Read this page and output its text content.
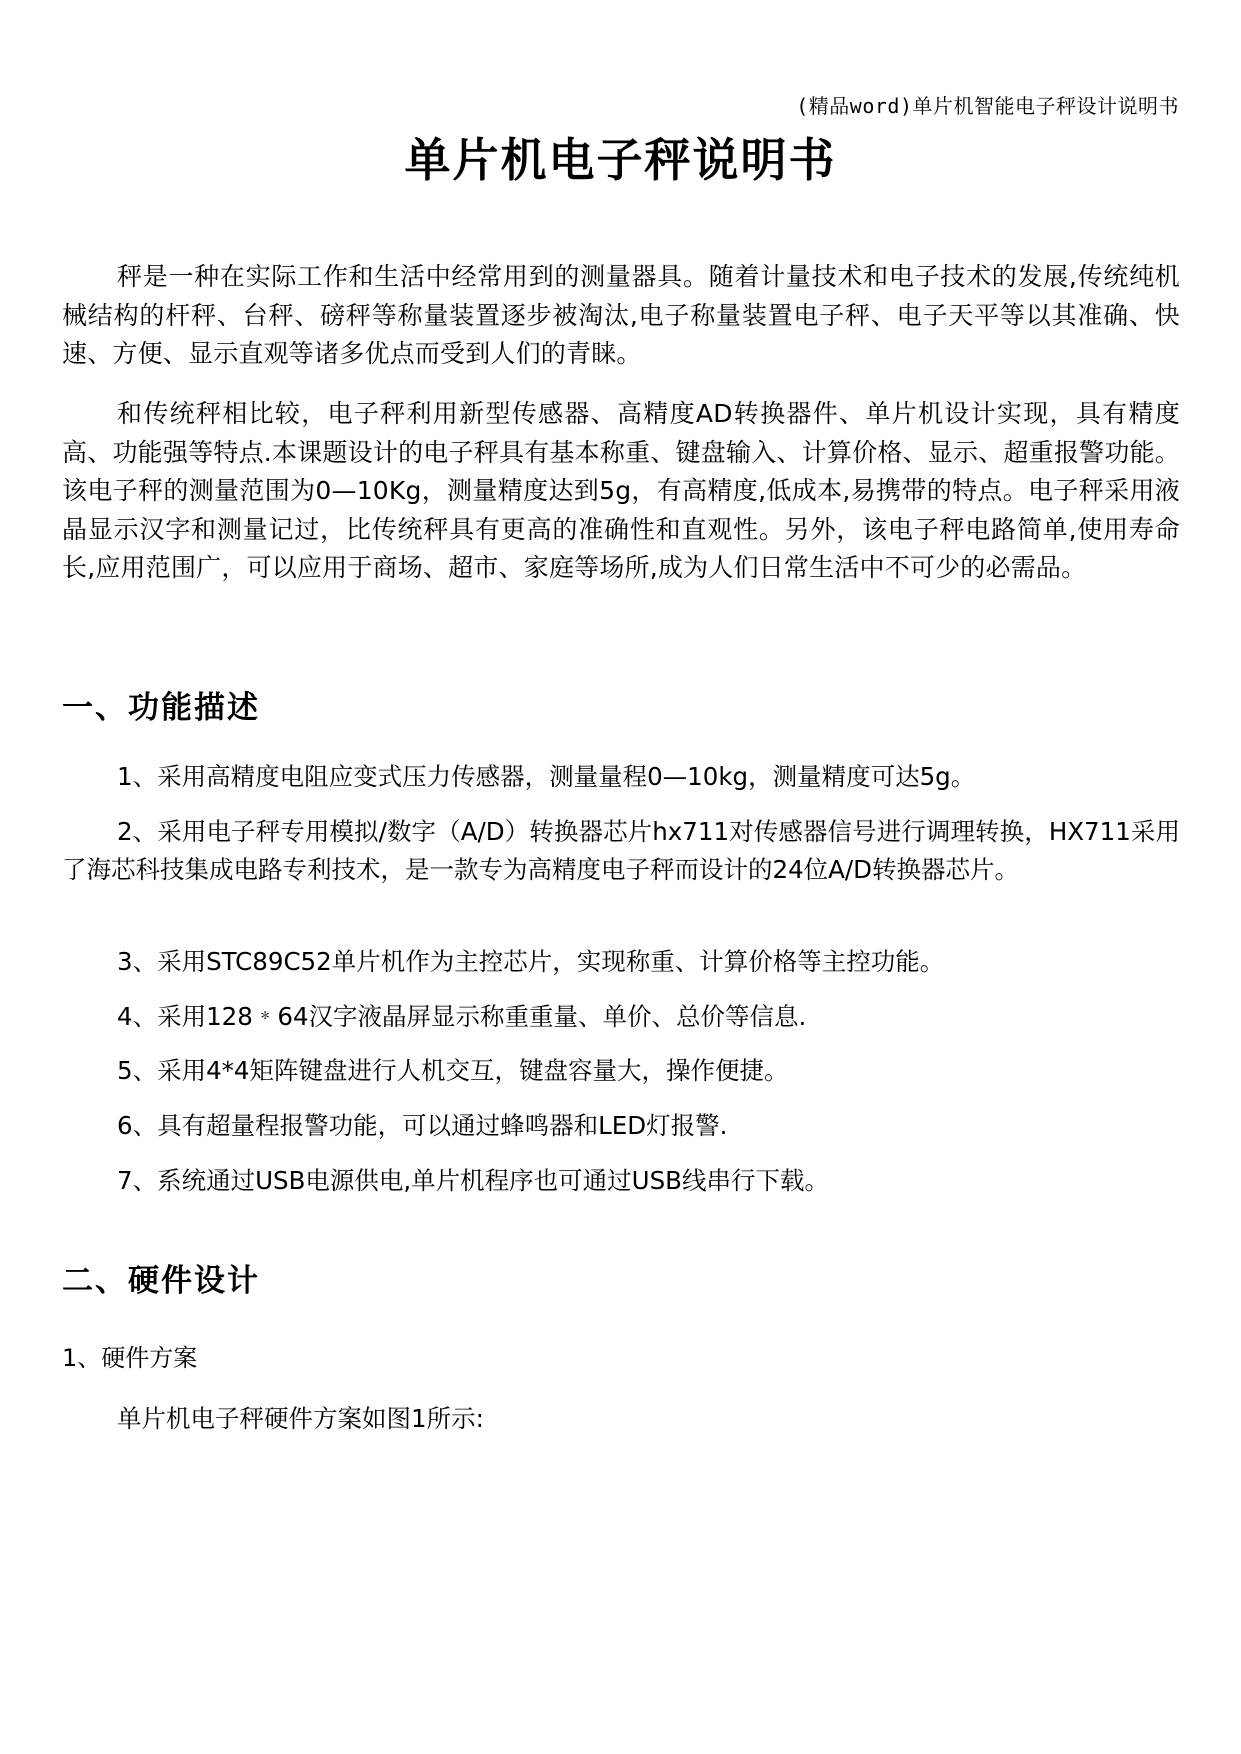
(精品word)单片机智能电子秤设计说明书
单片机电子秤说明书

秤是一种在实际工作和生活中经常用到的测量器具。随着计量技术和电子技术的发展,传统纯机械结构的杆秤、台秤、磅秤等称量装置逐步被淘汰,电子称量装置电子秤、电子天平等以其准确、快速、方便、显示直观等诸多优点而受到人们的青睐。

和传统秤相比较，电子秤利用新型传感器、高精度AD转换器件、单片机设计实现，具有精度高、功能强等特点.本课题设计的电子秤具有基本称重、键盘输入、计算价格、显示、超重报警功能。该电子秤的测量范围为0—10Kg，测量精度达到5g，有高精度,低成本,易携带的特点。电子秤采用液晶显示汉字和测量记过，比传统秤具有更高的准确性和直观性。另外，该电子秤电路简单,使用寿命长,应用范围广，可以应用于商场、超市、家庭等场所,成为人们日常生活中不可少的必需品。

一、功能描述

1、采用高精度电阻应变式压力传感器，测量量程0—10kg，测量精度可达5g。

2、采用电子秤专用模拟/数字（A/D）转换器芯片hx711对传感器信号进行调理转换，HX711采用了海芯科技集成电路专利技术，是一款专为高精度电子秤而设计的24位A/D转换器芯片。

3、采用STC89C52单片机作为主控芯片，实现称重、计算价格等主控功能。

4、采用128﹡64汉字液晶屏显示称重重量、单价、总价等信息.

5、采用4*4矩阵键盘进行人机交互，键盘容量大，操作便捷。

6、具有超量程报警功能，可以通过蜂鸣器和LED灯报警.

7、系统通过USB电源供电,单片机程序也可通过USB线串行下载。

二、硬件设计
1、硬件方案

单片机电子秤硬件方案如图1所示:
